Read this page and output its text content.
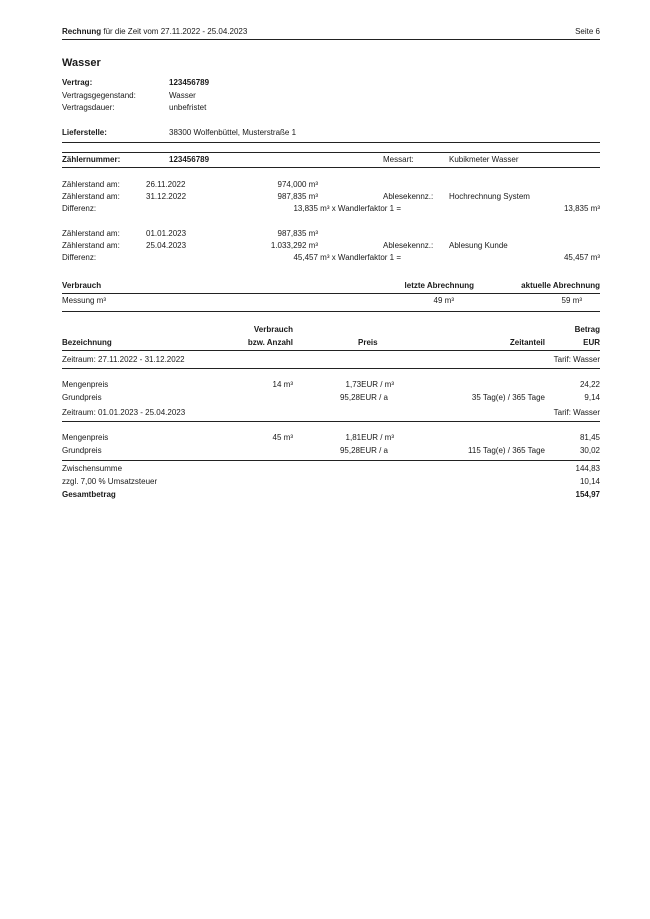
Rechnung für die Zeit vom 27.11.2022 - 25.04.2023	Seite 6
Wasser
Vertrag:	123456789
Vertragsgegenstand:	Wasser
Vertragsdauer:	unbefristet
Lieferstelle:	38300 Wolfenbüttel, Musterstraße 1
Zählernummer:	123456789	Messart:	Kubikmeter Wasser
Zählerstand am:	26.11.2022	974,000 m³
Zählerstand am:	31.12.2022	987,835 m³	Ablesekennz.: Hochrechnung System
Differenz:	13,835 m³ x Wandlerfaktor 1 =	13,835 m³
Zählerstand am:	01.01.2023	987,835 m³
Zählerstand am:	25.04.2023	1.033,292 m³	Ablesekennz.: Ablesung Kunde
Differenz:	45,457 m³ x Wandlerfaktor 1 =	45,457 m³
Verbrauch	letzte Abrechnung	aktuelle Abrechnung
Messung m³	49 m³	59 m³
Verbrauch	Betrag
Bezeichnung	bzw. Anzahl	Preis	Zeitanteil	EUR
Zeitraum: 27.11.2022 - 31.12.2022	Tarif: Wasser
Mengenpreis	14 m³	1,73EUR / m³	24,22
Grundpreis	95,28EUR / a	35 Tag(e) / 365 Tage	9,14
Zeitraum: 01.01.2023 - 25.04.2023	Tarif: Wasser
Mengenpreis	45 m³	1,81EUR / m³	81,45
Grundpreis	95,28EUR / a	115 Tag(e) / 365 Tage	30,02
Zwischensumme	144,83
zzgl. 7,00 % Umsatzsteuer	10,14
Gesamtbetrag	154,97
